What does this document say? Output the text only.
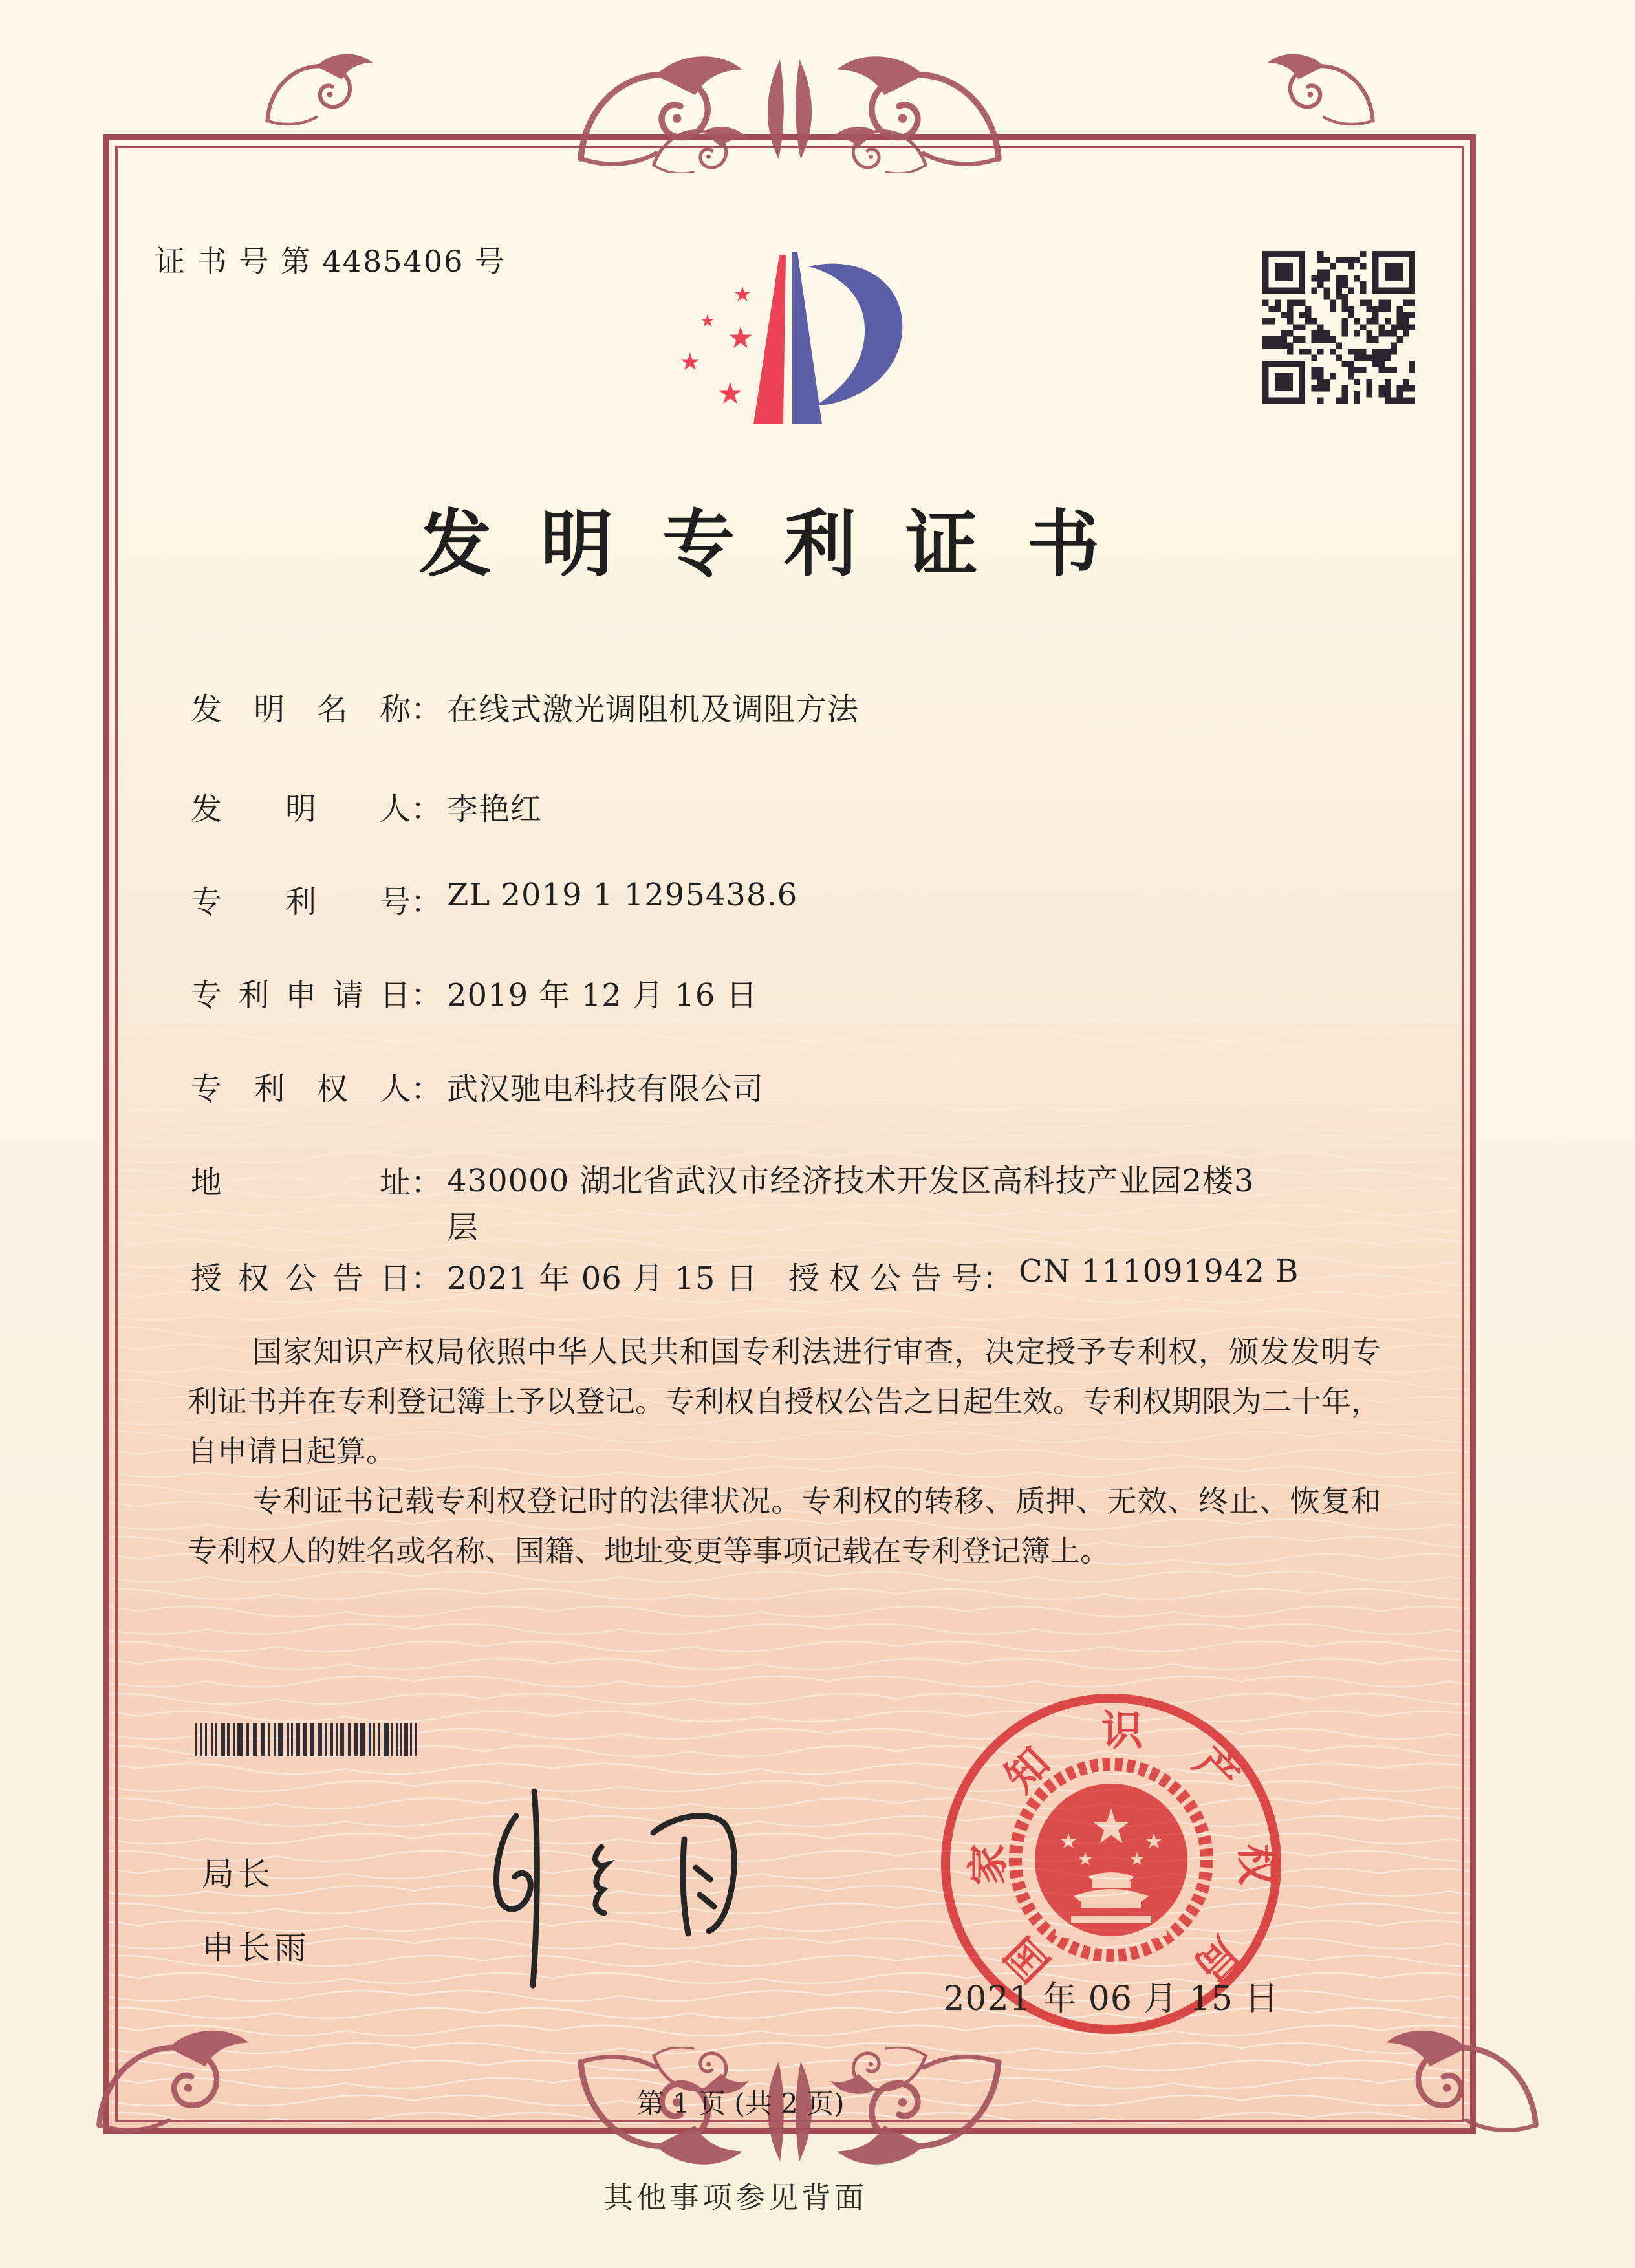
证 书 号 第 4485406 号
★
★ ★
★
★
发明专利证书
发明名称： 在线式激光调阻机及调阻方法
发明人： 李艳红
专利号： ZL 2019 1 1295438.6
专利申请日： 2019 年 12 月 16 日
专利权人： 武汉驰电科技有限公司
地址： 430000 湖北省武汉市经济技术开发区高科技产业园2楼3层
授权公告日： 2021 年 06 月 15 日 授权公告号： CN 111091942 B

国家知识产权局依照中华人民共和国专利法进行审查，决定授予专利权，颁发发明专利证书并在专利登记簿上予以登记。专利权自授权公告之日起生效。专利权期限为二十年，自申请日起算。

专利证书记载专利权登记时的法律状况。专利权的转移、质押、无效、终止、恢复和专利权人的姓名或名称、国籍、地址变更等事项记载在专利登记簿上。

局长
申长雨
★
★	★
★ ★
2021 年 06 月 15 日
国
家
知
识
产
权
局
第 1 页 (共 2 页)
其他事项参见背面
